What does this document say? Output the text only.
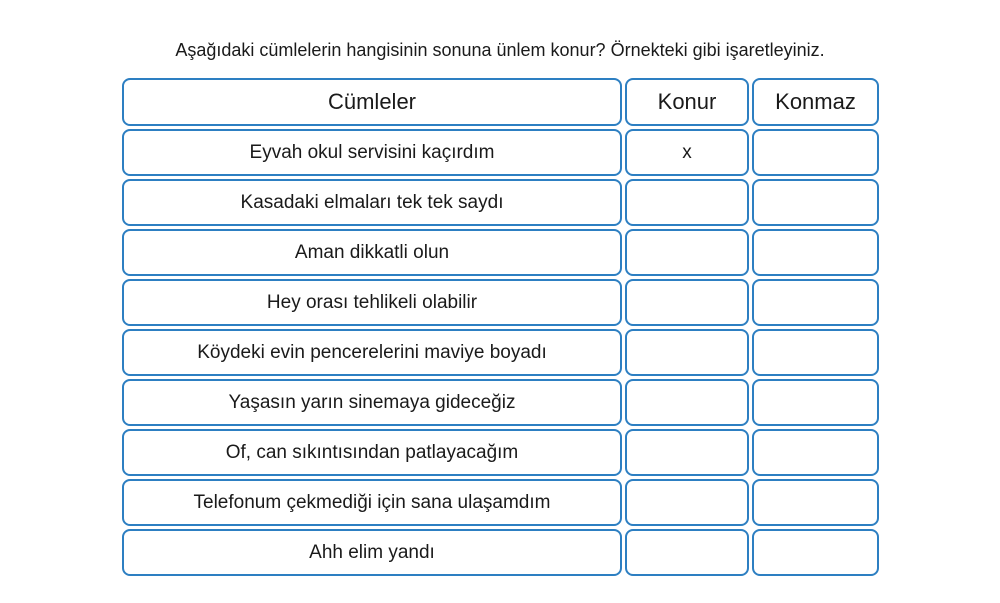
Aşağıdaki cümlelerin hangisinin sonuna ünlem konur? Örnekteki gibi işaretleyiniz.
Cümleler	Konur	Konmaz
Eyvah okul servisini kaçırdım	x
Kasadaki elmaları tek tek saydı
Aman dikkatli olun
Hey orası tehlikeli olabilir
Köydeki evin pencerelerini maviye boyadı
Yaşasın yarın sinemaya gideceğiz
Of, can sıkıntısından patlayacağım
Telefonum çekmediği için sana ulaşamdım
Ahh elim yandı
